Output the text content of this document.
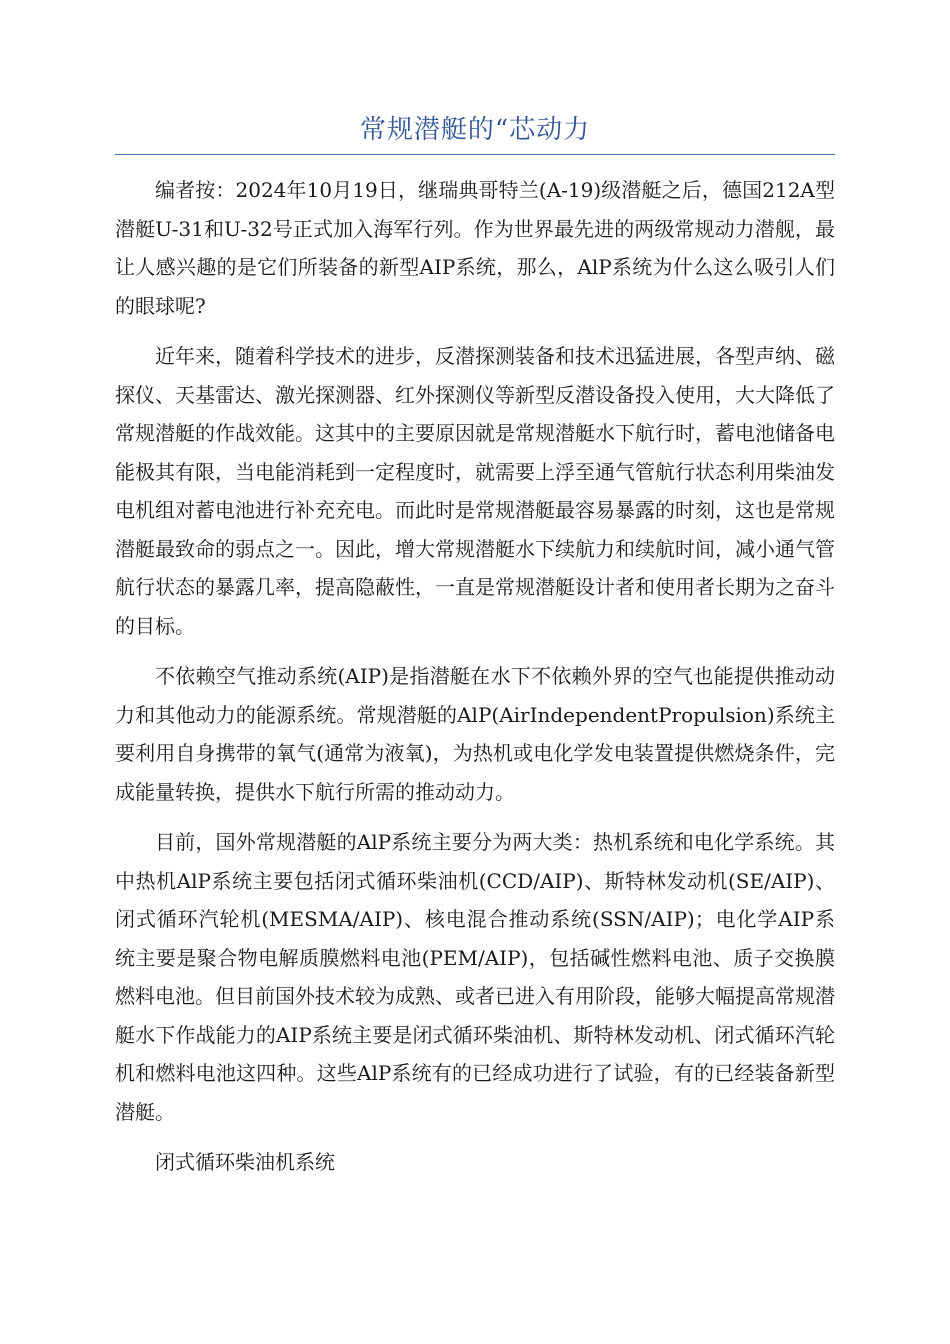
常规潜艇的“芯动力

编者按：2024年10月19日，继瑞典哥特兰(A-19)级潜艇之后，德国212A型潜艇U-31和U-32号正式加入海军行列。作为世界最先进的两级常规动力潜舰，最让人感兴趣的是它们所装备的新型AIP系统，那么，AlP系统为什么这么吸引人们的眼球呢?

近年来，随着科学技术的进步，反潜探测装备和技术迅猛进展，各型声纳、磁探仪、天基雷达、激光探测器、红外探测仪等新型反潜设备投入使用，大大降低了常规潜艇的作战效能。这其中的主要原因就是常规潜艇水下航行时，蓄电池储备电能极其有限，当电能消耗到一定程度时，就需要上浮至通气管航行状态利用柴油发电机组对蓄电池进行补充充电。而此时是常规潜艇最容易暴露的时刻，这也是常规潜艇最致命的弱点之一。因此，增大常规潜艇水下续航力和续航时间，减小通气管航行状态的暴露几率，提高隐蔽性，一直是常规潜艇设计者和使用者长期为之奋斗的目标。

不依赖空气推动系统(AIP)是指潜艇在水下不依赖外界的空气也能提供推动动力和其他动力的能源系统。常规潜艇的AlP(AirIndependentPropulsion)系统主要利用自身携带的氧气(通常为液氧)，为热机或电化学发电装置提供燃烧条件，完成能量转换，提供水下航行所需的推动动力。

目前，国外常规潜艇的AlP系统主要分为两大类：热机系统和电化学系统。其中热机AlP系统主要包括闭式循环柴油机(CCD/AIP)、斯特林发动机(SE/AIP)、闭式循环汽轮机(MESMA/AIP)、核电混合推动系统(SSN/AIP)；电化学AIP系统主要是聚合物电解质膜燃料电池(PEM/AIP)，包括碱性燃料电池、质子交换膜燃料电池。但目前国外技术较为成熟、或者已进入有用阶段，能够大幅提高常规潜艇水下作战能力的AIP系统主要是闭式循环柴油机、斯特林发动机、闭式循环汽轮机和燃料电池这四种。这些AlP系统有的已经成功进行了试验，有的已经装备新型潜艇。

闭式循环柴油机系统
